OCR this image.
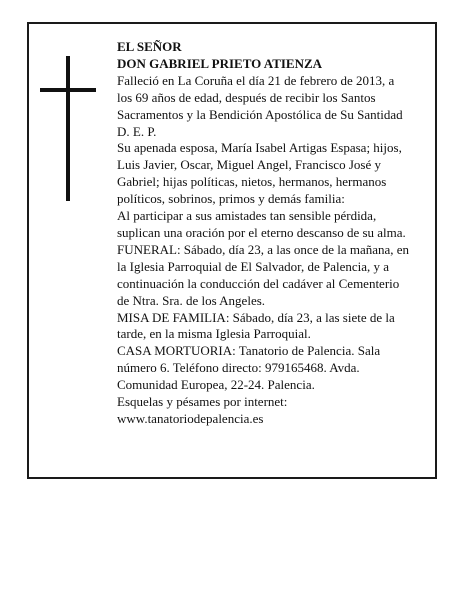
EL SEÑOR
DON GABRIEL PRIETO ATIENZA
Falleció en La Coruña el día 21 de febrero de 2013, a
los 69 años de edad, después de recibir los Santos
Sacramentos y la Bendición Apostólica de Su Santidad
D. E. P.
Su apenada esposa, María Isabel Artigas Espasa; hijos,
Luis Javier, Oscar, Miguel Angel, Francisco José y
Gabriel; hijas políticas, nietos, hermanos, hermanos
políticos, sobrinos, primos y demás familia:
Al participar a sus amistades tan sensible pérdida,
suplican una oración por el eterno descanso de su alma.
FUNERAL: Sábado, día 23, a las once de la mañana, en
la Iglesia Parroquial de El Salvador, de Palencia, y a
continuación la conducción del cadáver al Cementerio
de Ntra. Sra. de los Angeles.
MISA DE FAMILIA: Sábado, día 23, a las siete de la
tarde, en la misma Iglesia Parroquial.
CASA MORTUORIA: Tanatorio de Palencia. Sala
número 6. Teléfono directo: 979165468. Avda.
Comunidad Europea, 22-24. Palencia.
Esquelas y pésames por internet:
www.tanatoriodepalencia.es
